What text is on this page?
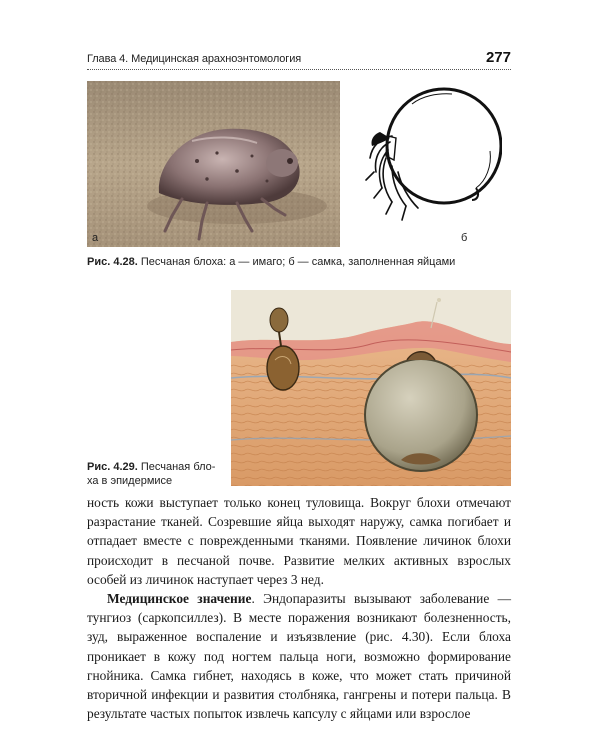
Глава 4. Медицинская арахноэнтомология	277
а	б
Рис. 4.28. Песчаная блоха: а — имаго; б — самка, заполненная яйцами
Рис. 4.29. Песчаная бло-
ха в эпидермисе

ность кожи выступает только конец туловища. Вокруг блохи отмечают разрастание тканей. Созревшие яйца выходят наружу, самка погибает и отпадает вместе с поврежденными тканями. Появление личинок блохи происходит в песчаной почве. Развитие мелких активных взрослых особей из личинок наступает через 3 нед.

Медицинское значение. Эндопаразиты вызывают заболевание — тунгиоз (саркопсиллез). В месте поражения возникают болезненность, зуд, выраженное воспаление и изъязвление (рис. 4.30). Если блоха проникает в кожу под ногтем пальца ноги, возможно формирование гнойника. Самка гибнет, находясь в коже, что может стать причиной вторичной инфекции и развития столбняка, гангрены и потери пальца. В результате частых попыток извлечь капсулу с яйцами или взрослое
